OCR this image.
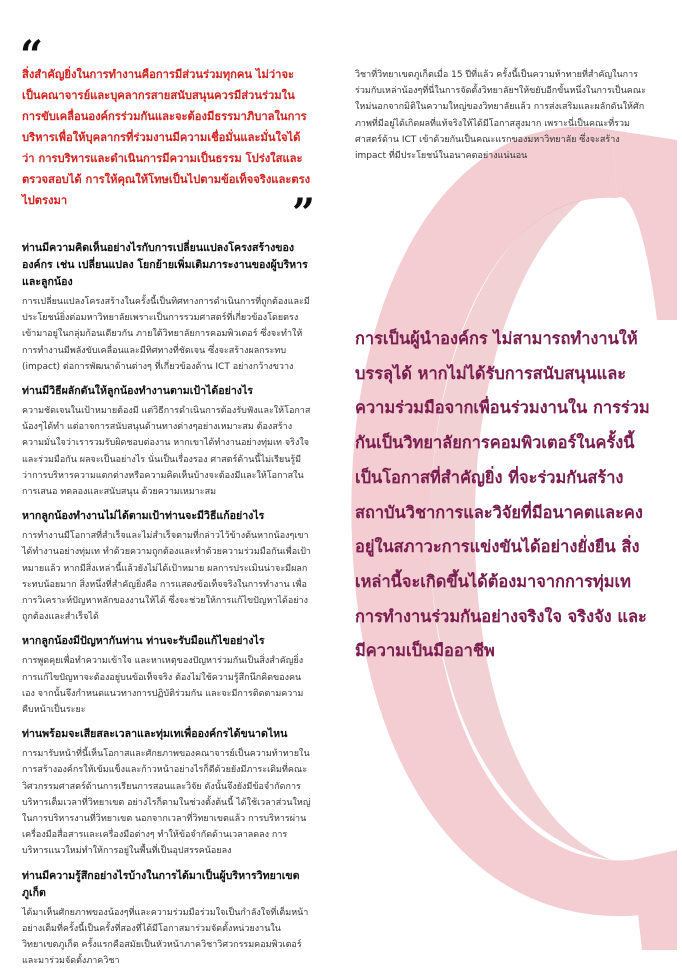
“

สิ่งสำคัญยิ่งในการทำงานคือการมีส่วนร่วมทุกคน ไม่ว่าจะเป็นคณาจารย์และบุคลากรสายสนับสนุนควรมีส่วนร่วมในการขับเคลื่อนองค์กรร่วมกันและจะต้องมีธรรมาภิบาลในการบริหารเพื่อให้บุคลากรที่ร่วมงานมีความเชื่อมั่นและมั่นใจได้ว่า การบริหารและดำเนินการมีความเป็นธรรม โปร่งใสและตรวจสอบได้ การให้คุณให้โทษเป็นไปตามข้อเท็จจริงและตรงไปตรงมา	”
ท่านมีความคิดเห็นอย่างไรกับการเปลี่ยนแปลงโครงสร้างขององค์กร เช่น เปลี่ยนแปลง โยกย้ายเพิ่มเติมภาระงานของผู้บริหาร และลูกน้อง

การเปลี่ยนแปลงโครงสร้างในครั้งนี้เป็นทิศทางการดำเนินการที่ถูกต้องและมีประโยชน์ยิ่งต่อมหาวิทยาลัยเพราะเป็นการรวมศาสตร์ที่เกี่ยวข้องโดยตรงเข้ามาอยู่ในกลุ่มก้อนเดียวกัน ภายใต้วิทยาลัยการคอมพิวเตอร์ ซึ่งจะทำให้การทำงานมีพลังขับเคลื่อนและมีทิศทางที่ชัดเจน ซึ่งจะสร้างผลกระทบ (impact) ต่อการพัฒนาด้านต่างๆ ที่เกี่ยวข้องด้าน ICT อย่างกว้างขวาง

ท่านมีวิธีผลักดันให้ลูกน้องทำงานตามเป้าได้อย่างไร

ความชัดเจนในเป้าหมายต้องมี แต่วิธีการดำเนินการต้องรับฟังและให้โอกาสน้องๆได้ทำ แต่อาจการสนับสนุนด้านทางต่างๆอย่างเหมาะสม ต้องสร้างความมั่นใจว่าเรารวมรับผิดชอบต่องาน หากเขาได้ทำงานอย่างทุ่มเท จริงใจและร่วมมือกัน ผลจะเป็นอย่างไร นั่นเป็นเรื่องรอง ศาสตร์ด้านนี้ไม่เรียนรู้มีว่าการบริหารความแตกต่างหรือความคิดเห็นบ้างจะต้องมีและให้โอกาสในการเสนอ ทดลองและสนับสนุน ด้วยความเหมาะสม

หากลูกน้องทำงานไม่ได้ตามเป้าท่านจะมีวิธีแก้อย่างไร

การทำงานมีโอกาสที่สำเร็จและไม่สำเร็จตามที่กล่าวไว้ข้างต้นหากน้องๆเขาได้ทำงานอย่างทุ่มเท ทำด้วยความถูกต้องและทำด้วยความร่วมมือกันเพื่อเป้าหมายแล้ว หากมีสิ่งเหล่านี้แล้วยังไม่ได้เป้าหมาย ผลการประเมินน่าจะมีผลกระทบน้อยมาก สิ่งหนึ่งที่สำคัญยิ่งคือ การแสดงข้อเท็จจริงในการทำงาน เพื่อการวิเคราะห์ปัญหาหลักของงานให้ได้ ซึ่งจะช่วยให้การแก้ไขปัญหาได้อย่างถูกต้องและสำเร็จได้

หากลูกน้องมีปัญหากันท่าน ท่านจะรับมือแก้ไขอย่างไร

การพูดคุยเพื่อทำความเข้าใจ และหาเหตุของปัญหาร่วมกันเป็นสิ่งสำคัญยิ่ง การแก้ไขปัญหาจะต้องอยู่บนข้อเท็จจริง ต้องไม่ใช้ความรู้สึกนึกคิดของคนเอง จากนั้นจึงกำหนดแนวทางการปฏิบัติร่วมกัน และจะมีการติดตามความคืบหน้าเป็นระยะ

ท่านพร้อมจะเสียสละเวลาและทุ่มเทเพื่อองค์กรได้ขนาดไหน

การมารับหน้าที่นี้เห็นโอกาสและศักยภาพของคณาจารย์เป็นความท้าทายในการสร้างองค์กรให้เข้มแข็งและก้าวหน้าอย่างไรก็ดีด้วยยังมีภาระเดิมที่คณะวิศวกรรมศาสตร์ด้านการเรียนการสอนและวิจัย ดังนั้นจึงยังมีข้อจำกัดการบริหารเต็มเวลาที่วิทยาเขต อย่างไรก็ตามในช่วงตั้งต้นนี้ ได้ใช้เวลาส่วนใหญ่ในการบริหารงานที่วิทยาเขต นอกจากเวลาที่วิทยาเขตแล้ว การบริหารผ่านเครื่องมือสื่อสารและเครื่องมือต่างๆ ทำให้ข้อจำกัดด้านเวลาลดลง การบริหารแนวใหม่ทำให้การอยู่ในพื้นที่เป็นอุปสรรคน้อยลง

ท่านมีความรู้สึกอย่างไรบ้างในการได้มาเป็นผู้บริหารวิทยาเขตภูเก็ต

ได้มาเห็นศักยภาพของน้องๆที่และความร่วมมือร่วมใจเป็นกำลังใจที่เต็มหน้าอย่างเต็มที่ครั้งนี้เป็นครั้งที่สองที่ได้มีโอกาสมาร่วมจัดตั้งหน่วยงานในวิทยาเขตภูเก็ต ครั้งแรกคือสมัยเป็นหัวหน้าภาควิชาวิศวกรรมคอมพิวเตอร์ และมาร่วมจัดตั้งภาควิชา

วิชาที่วิทยาเขตภูเก็ตเมื่อ 15 ปีที่แล้ว ครั้งนี้เป็นความท้าทายที่สำคัญในการร่วมกับเหล่าน้องๆที่นี่ในการจัดตั้งวิทยาลัยฯให้ขยับอีกขั้นหนึ่งในการเป็นคณะใหม่นอกจากมิติในความใหญ่ของวิทยาลัยแล้ว การส่งเสริมและผลักดันให้ศักภาพที่มีอยู่ได้เกิดผลที่แท้จริงให้ได้มีโอกาสสูงมาก เพราะนี่เป็นคณะที่รวมศาสตร์ด้าน ICT เข้าด้วยกันเป็นคณะแรกของมหาวิทยาลัย ซึ่งจะสร้าง impact ที่มีประโยชน์ในอนาคตอย่างแน่นอน

การเป็นผู้นำองค์กร ไม่สามารถทำงานให้บรรลุได้ หากไม่ได้รับการสนับสนุนและความร่วมมือจากเพื่อนร่วมงานใน การร่วมกันเป็นวิทยาลัยการคอมพิวเตอร์ในครั้งนี้ เป็นโอกาสที่สำคัญยิ่ง ที่จะร่วมกันสร้างสถาบันวิชาการและวิจัยที่มีอนาคตและคงอยู่ในสภาวะการแข่งขันได้อย่างยั่งยืน สิ่งเหล่านี้จะเกิดขึ้นได้ต้องมาจากการทุ่มเทการทำงานร่วมกันอย่างจริงใจ จริงจัง และมีความเป็นมืออาชีพ
